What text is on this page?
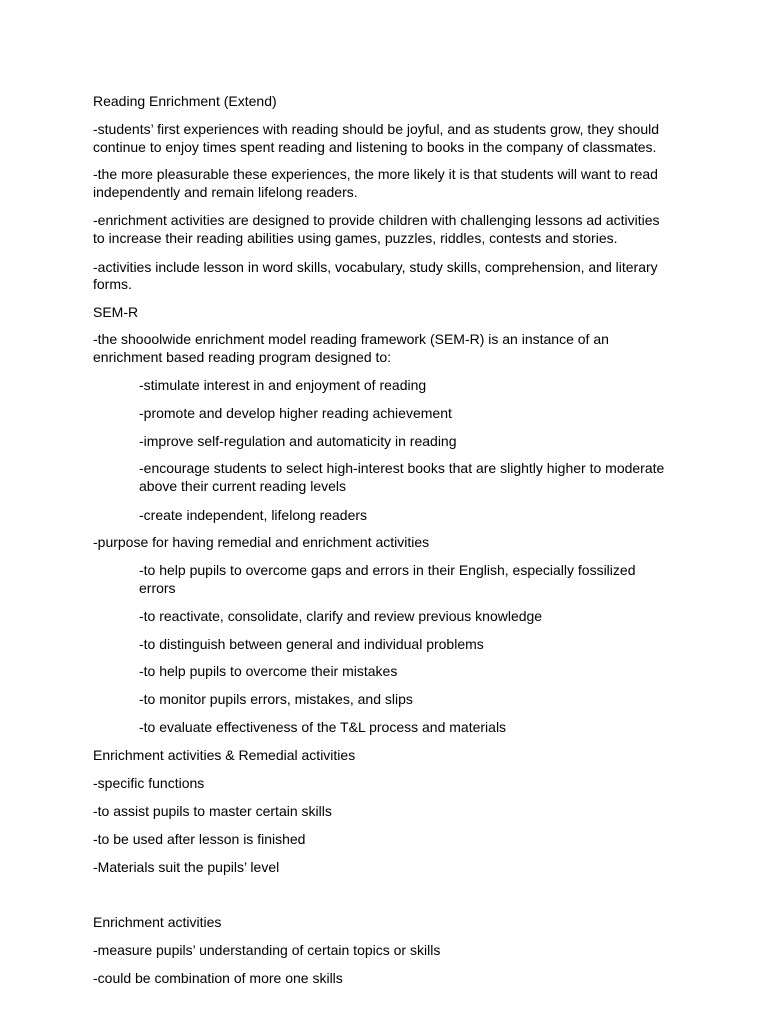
Reading Enrichment (Extend)
-students’ first experiences with reading should be joyful, and as students grow, they should
continue to enjoy times spent reading and listening to books in the company of classmates.
-the more pleasurable these experiences, the more likely it is that students will want to read
independently and remain lifelong readers.
-enrichment activities are designed to provide children with challenging lessons ad activities
to increase their reading abilities using games, puzzles, riddles, contests and stories.
-activities include lesson in word skills, vocabulary, study skills, comprehension, and literary
forms.
SEM-R
-the shooolwide enrichment model reading framework (SEM-R) is an instance of an
enrichment based reading program designed to:
-stimulate interest in and enjoyment of reading
-promote and develop higher reading achievement
-improve self-regulation and automaticity in reading
-encourage students to select high-interest books that are slightly higher to moderate
above their current reading levels
-create independent, lifelong readers
-purpose for having remedial and enrichment activities
-to help pupils to overcome gaps and errors in their English, especially fossilized
errors
-to reactivate, consolidate, clarify and review previous knowledge
-to distinguish between general and individual problems
-to help pupils to overcome their mistakes
-to monitor pupils errors, mistakes, and slips
-to evaluate effectiveness of the T&L process and materials
Enrichment activities & Remedial activities
-specific functions
-to assist pupils to master certain skills
-to be used after lesson is finished
-Materials suit the pupils’ level
Enrichment activities
-measure pupils’ understanding of certain topics or skills
-could be combination of more one skills
